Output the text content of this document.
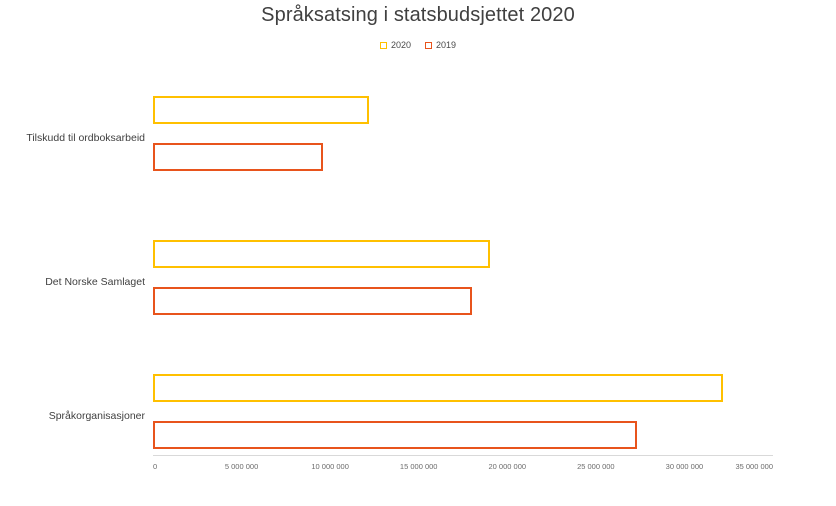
Språksatsing i statsbudsjettet 2020
2020	2019
Tilskudd til ordboksarbeid
Det Norske Samlaget
Språkorganisasjoner
0	5 000 000	10 000 000	15 000 000	20 000 000	25 000 000	30 000 000	35 000 000
